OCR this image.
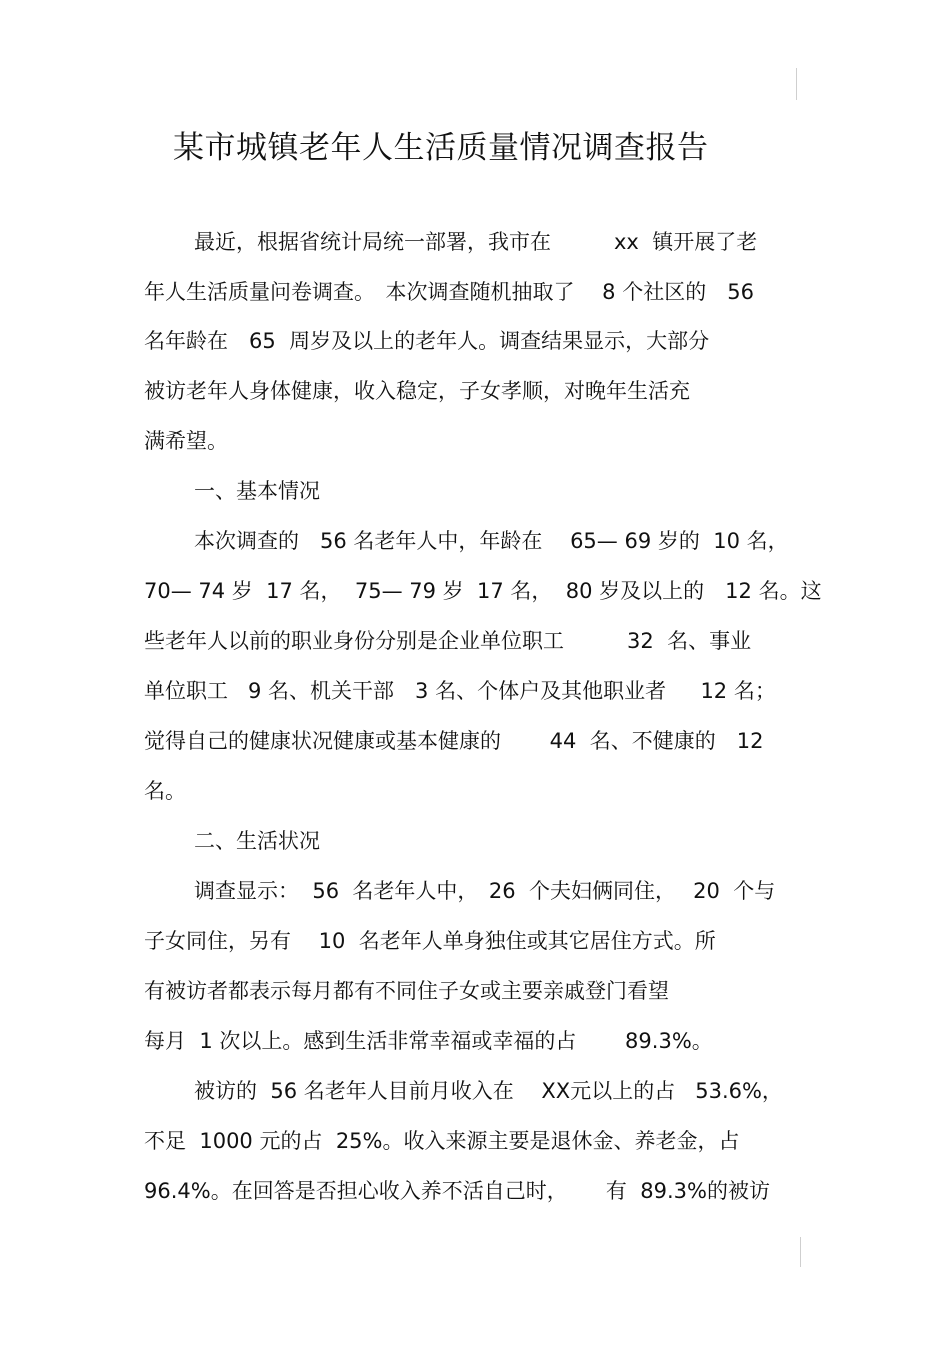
某市城镇老年人生活质量情况调查报告
最近，根据省统计局统一部署，我市在　　　xx  镇开展了老
年人生活质量问卷调查。　本次调查随机抽取了　 8 个社区的　56
名年龄在　65  周岁及以上的老年人。调查结果显示，大部分
被访老年人身体健康，收入稳定，子女孝顺，对晚年生活充
满希望。
一、基本情况
本次调查的　56 名老年人中，年龄在　 65— 69 岁的  10 名，
70— 74 岁  17 名，  75— 79 岁  17 名，  80 岁及以上的　12 名。这
些老年人以前的职业身份分别是企业单位职工　　　32  名、事业
单位职工   9 名、机关干部　3 名、个体户及其他职业者　  12 名；
觉得自己的健康状况健康或基本健康的　　 44  名、不健康的　12
名。
二、生活状况
调查显示：  56  名老年人中，　26  个夫妇俩同住，　 20  个与
子女同住，另有　 10  名老年人单身独住或其它居住方式。所
有被访者都表示每月都有不同住子女或主要亲戚登门看望
每月  1 次以上。感到生活非常幸福或幸福的占　　 89.3%。
被访的  56 名老年人目前月收入在　 XX元以上的占   53.6%，
不足  1000 元的占  25%。收入来源主要是退休金、养老金，占
96.4%。在回答是否担心收入养不活自己时，　　 有  89.3%的被访
